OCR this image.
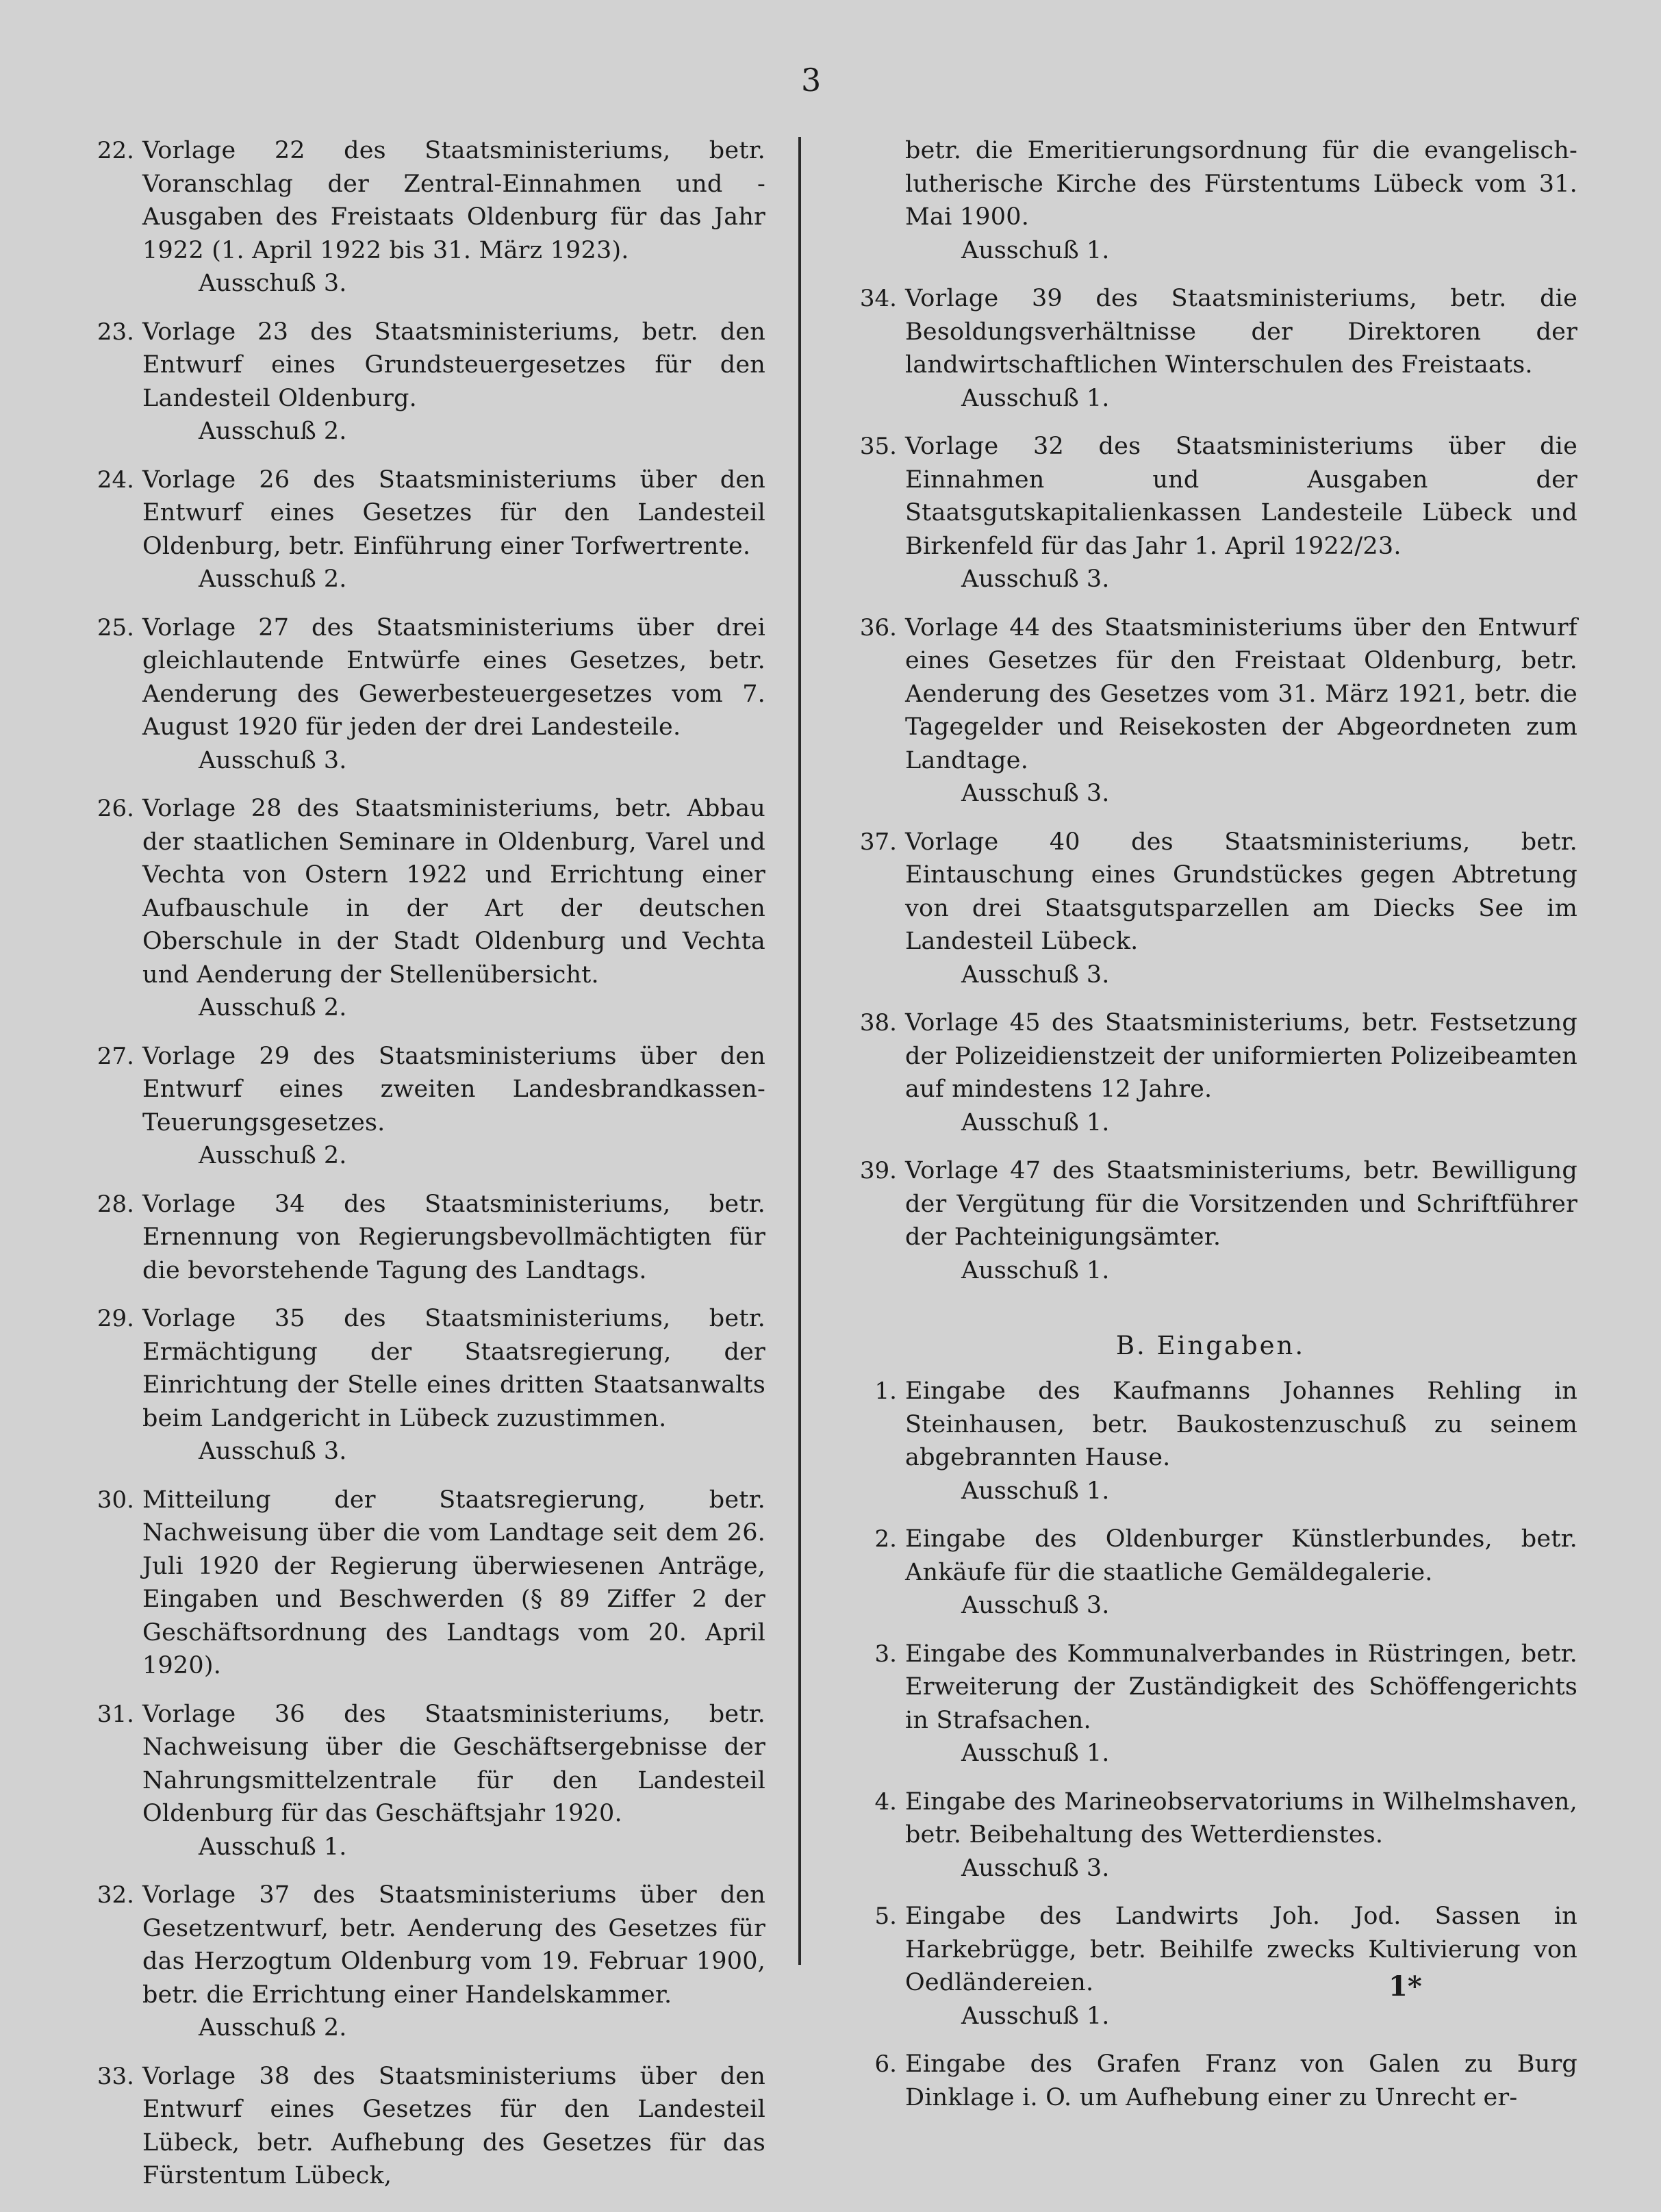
3
22. Vorlage 22 des Staatsministeriums, betr. Voranschlag der Zentral-Einnahmen und -Ausgaben des Freistaats Oldenburg für das Jahr 1922 (1. April 1922 bis 31. März 1923).
Ausschuß 3.
23. Vorlage 23 des Staatsministeriums, betr. den Entwurf eines Grundsteuergesetzes für den Landesteil Oldenburg.
Ausschuß 2.
24. Vorlage 26 des Staatsministeriums über den Entwurf eines Gesetzes für den Landesteil Oldenburg, betr. Einführung einer Torfwertrente.
Ausschuß 2.
25. Vorlage 27 des Staatsministeriums über drei gleichlautende Entwürfe eines Gesetzes, betr. Aenderung des Gewerbesteuergesetzes vom 7. August 1920 für jeden der drei Landesteile.
Ausschuß 3.
26. Vorlage 28 des Staatsministeriums, betr. Abbau der staatlichen Seminare in Oldenburg, Varel und Vechta von Ostern 1922 und Errichtung einer Aufbauschule in der Art der deutschen Oberschule in der Stadt Oldenburg und Vechta und Aenderung der Stellenübersicht.
Ausschuß 2.
27. Vorlage 29 des Staatsministeriums über den Entwurf eines zweiten Landesbrandkassen-Teuerungsgesetzes.
Ausschuß 2.
28. Vorlage 34 des Staatsministeriums, betr. Ernennung von Regierungsbevollmächtigten für die bevorstehende Tagung des Landtags.
29. Vorlage 35 des Staatsministeriums, betr. Ermächtigung der Staatsregierung, der Einrichtung der Stelle eines dritten Staatsanwalts beim Landgericht in Lübeck zuzustimmen.
Ausschuß 3.
30. Mitteilung der Staatsregierung, betr. Nachweisung über die vom Landtage seit dem 26. Juli 1920 der Regierung überwiesenen Anträge, Eingaben und Beschwerden (§ 89 Ziffer 2 der Geschäftsordnung des Landtags vom 20. April 1920).
31. Vorlage 36 des Staatsministeriums, betr. Nachweisung über die Geschäftsergebnisse der Nahrungsmittelzentrale für den Landesteil Oldenburg für das Geschäftsjahr 1920.
Ausschuß 1.
32. Vorlage 37 des Staatsministeriums über den Gesetzentwurf, betr. Aenderung des Gesetzes für das Herzogtum Oldenburg vom 19. Februar 1900, betr. die Errichtung einer Handelskammer.
Ausschuß 2.
33. Vorlage 38 des Staatsministeriums über den Entwurf eines Gesetzes für den Landesteil Lübeck, betr. Aufhebung des Gesetzes für das Fürstentum Lübeck,
betr. die Emeritierungsordnung für die evangelisch-lutherische Kirche des Fürstentums Lübeck vom 31. Mai 1900.
Ausschuß 1.
34. Vorlage 39 des Staatsministeriums, betr. die Besoldungsverhältnisse der Direktoren der landwirtschaftlichen Winterschulen des Freistaats.
Ausschuß 1.
35. Vorlage 32 des Staatsministeriums über die Einnahmen und Ausgaben der Staatsgutskapitalienkassen Landesteile Lübeck und Birkenfeld für das Jahr 1. April 1922/23.
Ausschuß 3.
36. Vorlage 44 des Staatsministeriums über den Entwurf eines Gesetzes für den Freistaat Oldenburg, betr. Aenderung des Gesetzes vom 31. März 1921, betr. die Tagegelder und Reisekosten der Abgeordneten zum Landtage.
Ausschuß 3.
37. Vorlage 40 des Staatsministeriums, betr. Eintauschung eines Grundstückes gegen Abtretung von drei Staatsgutsparzellen am Diecks See im Landesteil Lübeck.
Ausschuß 3.
38. Vorlage 45 des Staatsministeriums, betr. Festsetzung der Polizeidienstzeit der uniformierten Polizeibeamten auf mindestens 12 Jahre.
Ausschuß 1.
39. Vorlage 47 des Staatsministeriums, betr. Bewilligung der Vergütung für die Vorsitzenden und Schriftführer der Pachteinigungsämter.
Ausschuß 1.
B. Eingaben.
1. Eingabe des Kaufmanns Johannes Rehling in Steinhausen, betr. Baukostenzuschuß zu seinem abgebrannten Hause.
Ausschuß 1.
2. Eingabe des Oldenburger Künstlerbundes, betr. Ankäufe für die staatliche Gemäldegalerie.
Ausschuß 3.
3. Eingabe des Kommunalverbandes in Rüstringen, betr. Erweiterung der Zuständigkeit des Schöffengerichts in Strafsachen.
Ausschuß 1.
4. Eingabe des Marineobservatoriums in Wilhelmshaven, betr. Beibehaltung des Wetterdienstes.
Ausschuß 3.
5. Eingabe des Landwirts Joh. Jod. Sassen in Harkebrügge, betr. Beihilfe zwecks Kultivierung von Oedländereien.
Ausschuß 1.
6. Eingabe des Grafen Franz von Galen zu Burg Dinklage i. O. um Aufhebung einer zu Unrecht er-
1*
